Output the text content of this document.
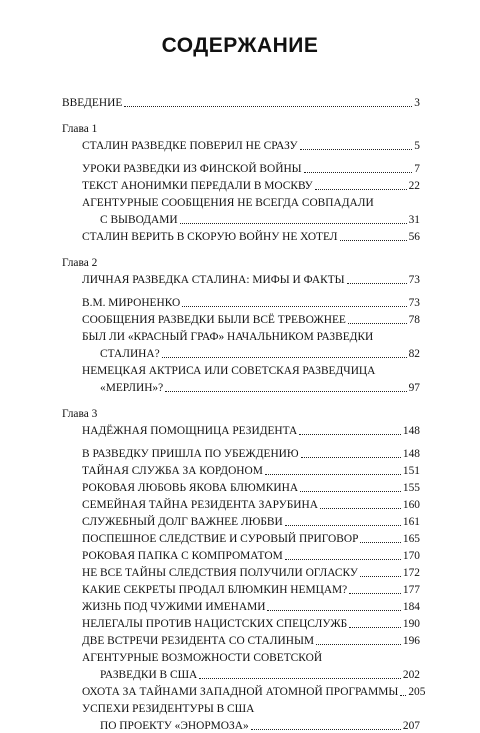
СОДЕРЖАНИЕ
ВВЕДЕНИЕ	3
Глава 1
СТАЛИН РАЗВЕДКЕ ПОВЕРИЛ НЕ СРАЗУ	5
УРОКИ РАЗВЕДКИ ИЗ ФИНСКОЙ ВОЙНЫ	7
ТЕКСТ АНОНИМКИ ПЕРЕДАЛИ В МОСКВУ	22
АГЕНТУРНЫЕ СООБЩЕНИЯ НЕ ВСЕГДА СОВПАДАЛИ
С ВЫВОДАМИ	31
СТАЛИН ВЕРИТЬ В СКОРУЮ ВОЙНУ НЕ ХОТЕЛ	56
Глава 2
ЛИЧНАЯ РАЗВЕДКА СТАЛИНА: МИФЫ И ФАКТЫ	73
В.М. МИРОНЕНКО	73
СООБЩЕНИЯ РАЗВЕДКИ БЫЛИ ВСЁ ТРЕВОЖНЕЕ	78
БЫЛ ЛИ «КРАСНЫЙ ГРАФ» НАЧАЛЬНИКОМ РАЗВЕДКИ
СТАЛИНА?	82
НЕМЕЦКАЯ АКТРИСА ИЛИ СОВЕТСКАЯ РАЗВЕДЧИЦА
«МЕРЛИН»?	97
Глава 3
НАДЁЖНАЯ ПОМОЩНИЦА РЕЗИДЕНТА	148
В РАЗВЕДКУ ПРИШЛА ПО УБЕЖДЕНИЮ	148
ТАЙНАЯ СЛУЖБА ЗА КОРДОНОМ	151
РОКОВАЯ ЛЮБОВЬ ЯКОВА БЛЮМКИНА	155
СЕМЕЙНАЯ ТАЙНА РЕЗИДЕНТА ЗАРУБИНА	160
СЛУЖЕБНЫЙ ДОЛГ ВАЖНЕЕ ЛЮБВИ	161
ПОСПЕШНОЕ СЛЕДСТВИЕ И СУРОВЫЙ ПРИГОВОР	165
РОКОВАЯ ПАПКА С КОМПРОМАТОМ	170
НЕ ВСЕ ТАЙНЫ СЛЕДСТВИЯ ПОЛУЧИЛИ ОГЛАСКУ	172
КАКИЕ СЕКРЕТЫ ПРОДАЛ БЛЮМКИН НЕМЦАМ?	177
ЖИЗНЬ ПОД ЧУЖИМИ ИМЕНАМИ	184
НЕЛЕГАЛЫ ПРОТИВ НАЦИСТСКИХ СПЕЦСЛУЖБ	190
ДВЕ ВСТРЕЧИ РЕЗИДЕНТА СО СТАЛИНЫМ	196
АГЕНТУРНЫЕ ВОЗМОЖНОСТИ СОВЕТСКОЙ
РАЗВЕДКИ В США	202
ОХОТА ЗА ТАЙНАМИ ЗАПАДНОЙ АТОМНОЙ ПРОГРАММЫ 205
УСПЕХИ РЕЗИДЕНТУРЫ В США
ПО ПРОЕКТУ «ЭНОРМОЗА»	207
